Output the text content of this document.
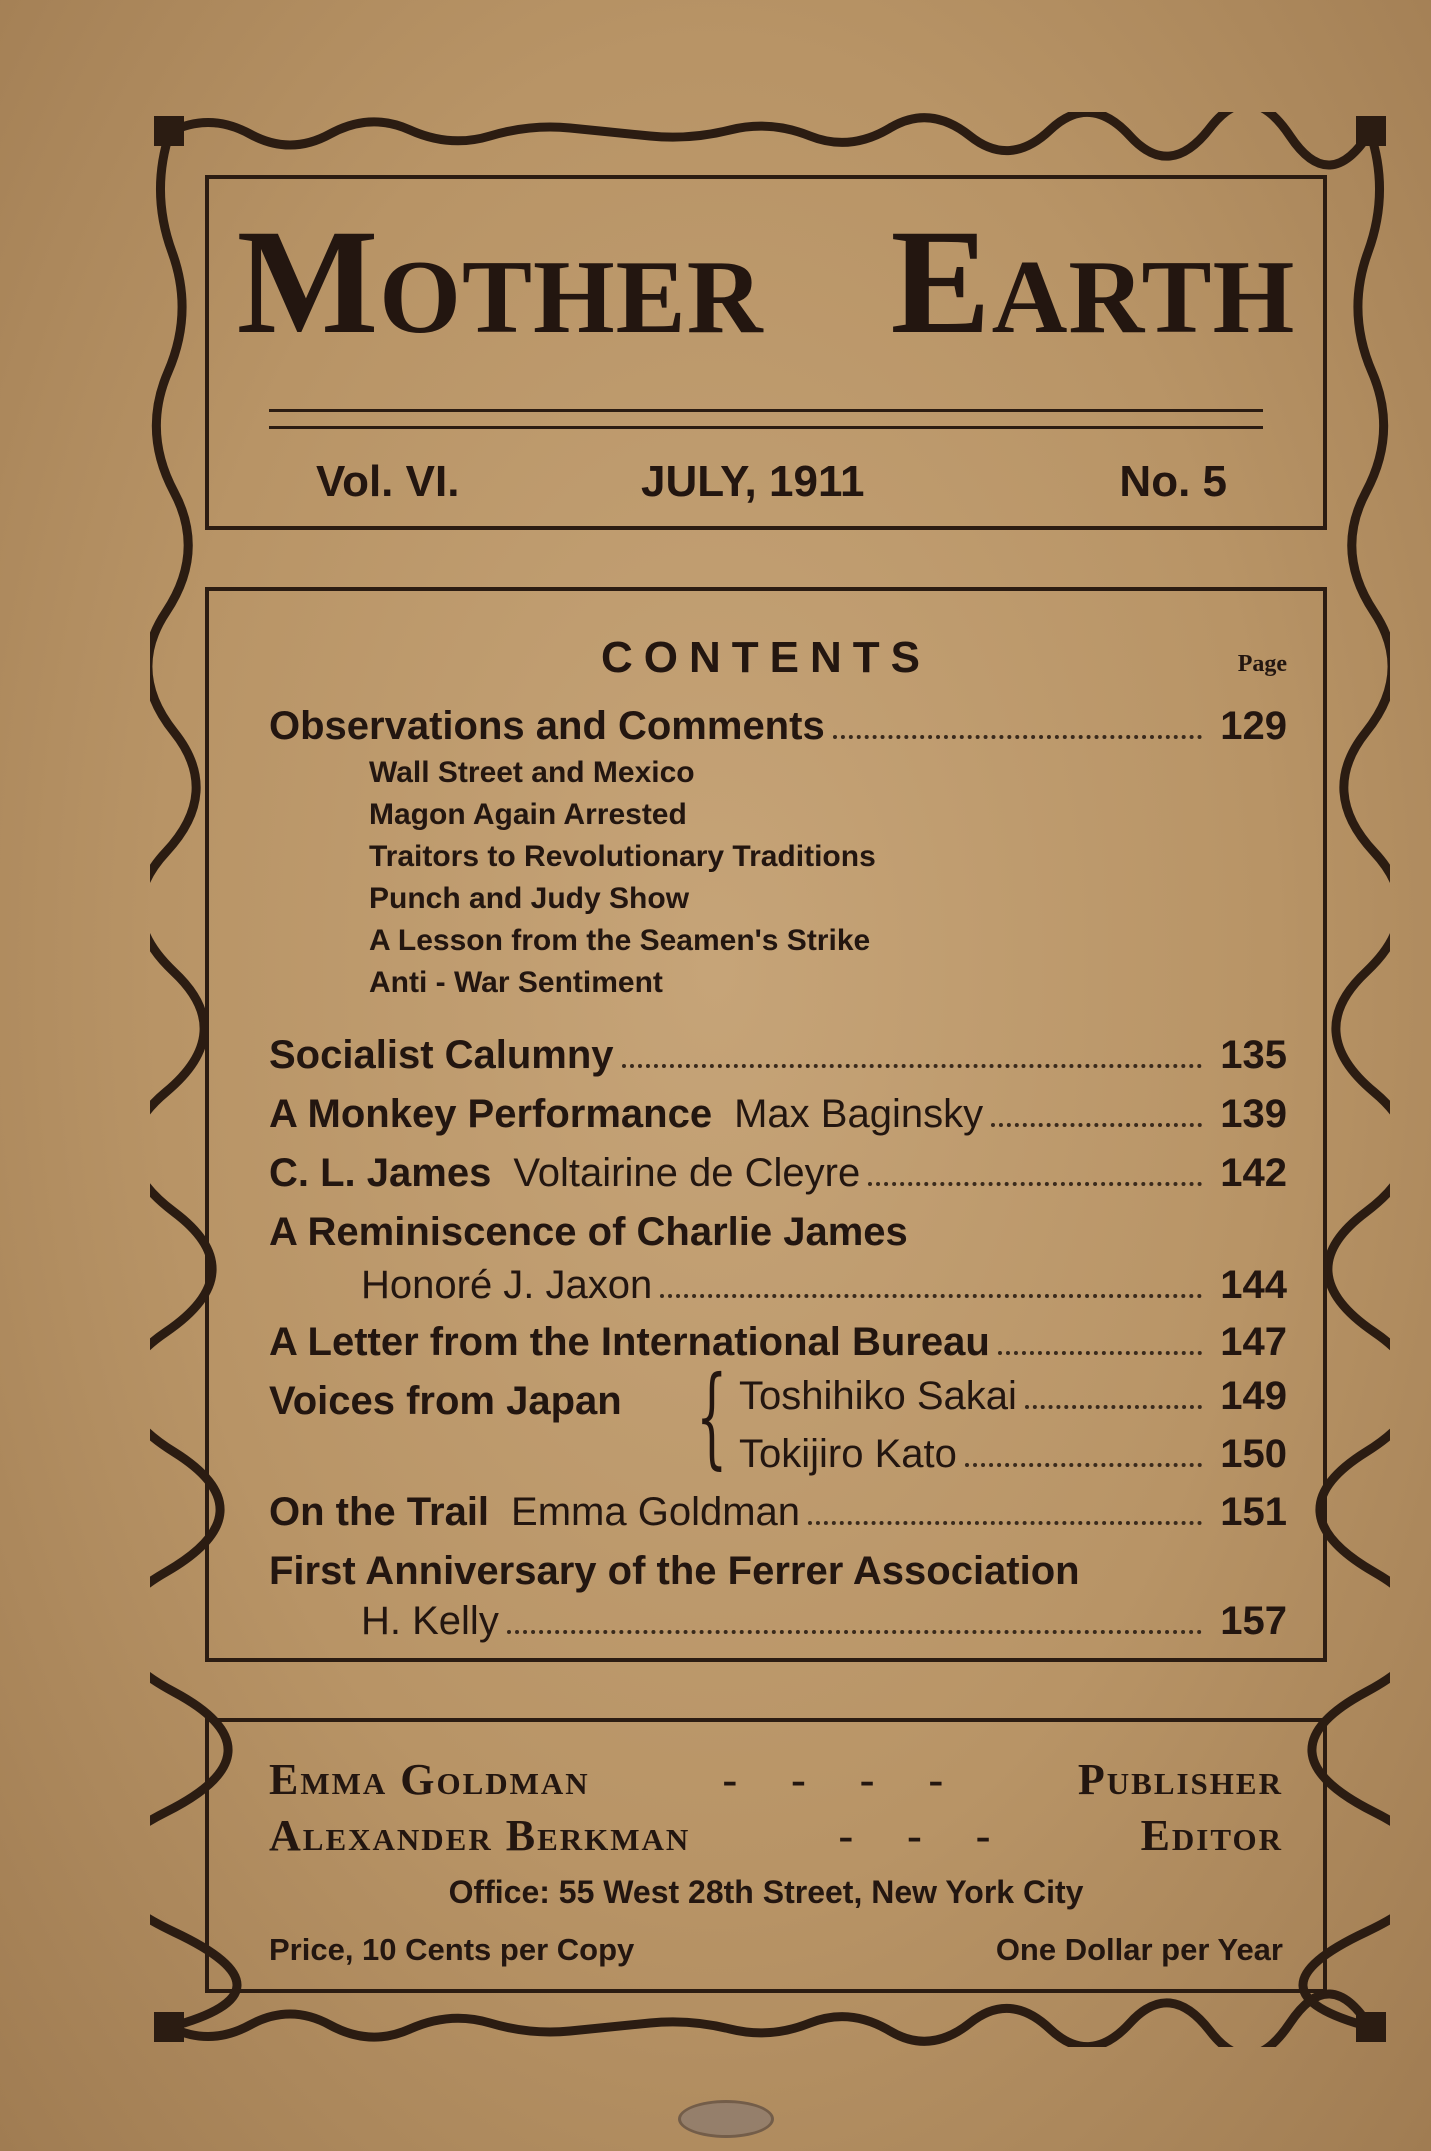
Mother Earth
Vol. VI.	JULY, 1911	No. 5
CONTENTS	Page
Observations and Comments	129
Wall Street and Mexico
Magon Again Arrested
Traitors to Revolutionary Traditions
Punch and Judy Show
A Lesson from the Seamen's Strike
Anti - War Sentiment
Socialist Calumny	135
A Monkey Performance Max Baginsky	139
C. L. James Voltairine de Cleyre	142
A Reminiscence of Charlie James
Honoré J. Jaxon	144
A Letter from the International Bureau	147
Voices from Japan { Toshihiko Sakai	149
Tokijiro Kato	150
On the Trail Emma Goldman	151
First Anniversary of the Ferrer Association
H. Kelly	157
Emma Goldman	-    -    -    -	Publisher
Alexander Berkman	-    -    -	Editor
Office: 55 West 28th Street, New York City
Price, 10 Cents per Copy	One Dollar per Year
